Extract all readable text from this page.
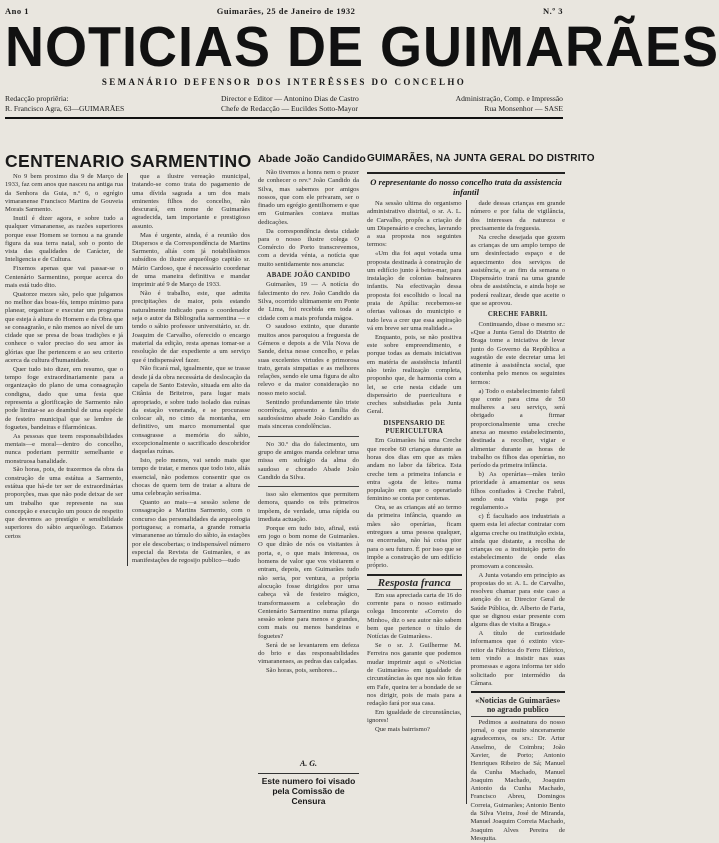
Ano 1	Guimarães, 25 de Janeiro de 1932	N.º 3
NOTICIAS DE GUIMARÃES
SEMANÁRIO DEFENSOR DOS INTERÊSSES DO CONCELHO
Redacção propriêria:
R. Francisco Agra, 63—GUIMARÃES
Director e Editor — Antonino Dias de Castro
Chefe de Redacção — Eucildes Sotto-Mayor
Administração, Comp. e Impressão
Rua Monsenhor — SASE
CENTENARIO SARMENTINO

No 9 bem proximo dia 9 de Março de 1933, faz cem anos que nasceu na antiga rua da Senhora da Guia, n.º 6, o egrégio vimaranense Francisco Martins de Gouveia Morais Sarmento.

Inutil é dizer agora, e sobre tudo a qualquer vimaranense, as razões superiores porque esse Homem se tornou a na grande figura da sua terra natal, sob o ponto de vista das qualidades de Carácter, de Inteligencia e de Cultura.

Fixemos apenas que vai passar-se o Centenário Sarmentino, porque acerca do mais está tudo dito.

Quatorze mezes são, pelo que julgamos no melhor das boas-fés, tempo mínimo para planear, organizar e executar um programa que esteja à altura do Homem e da Obra que se consagrarão, e não menos ao nível de um cidade que se presa de boas tradições e já conhece o valor preciso do seu amor às glórias que lhe pertencem e ao seu criterio acerca da cultura d'humanidade.

Quer tudo isto dizer, em resumo, que o tempo foge extraordinariamente para a organização do plano de uma consagração condigna, dado que uma festa que representa a glorificação de Sarmento não pode limitar-se ao deambul de uma espécie de festeiro municipal que se lembre de foguetes, bandeiras e filarmónicas.

As pessoas que teem responsabilidades mentais—e moral—dentro do concelho, nunca poderiam permitir semelhante e monstruosa banalidade.

São horas, pois, de trazermos da obra da construção de uma estátua a Sarmento, estátua que há-de ter ser de extraordinárias proporções, mas que não pode deixar de ser um trabalho que represente na sua concepção e execução um pouco de respeito que devemos ao prestígio e sensibilidade superiores do sábio arqueólogo. Estamos certos

que a ilustre vereação municipal, tratando-se como trata do pagamento de uma dívida sagrada a um dos mais eminentes filhos do concelho, não descurará, em nome de Guimarães agradecida, tam importante e prestigioso assunto.

Mas é urgente, ainda, é a reunião dos Dispersos e da Correspondência de Martins Sarmento, aliás com já notabilíssimos subsídios do ilustre arqueólogo capitão sr. Mário Cardoso, que é necessário coordenar de uma maneira definitiva e mandar imprimir até 9 de Março de 1933.

Não é trabalho, este, que admita precipitações de maior, pois estando naturalmente indicado para o coordenador seja o autor da Bibliografia sarmentina — e tendo o sábio professor universitário, sr. dr. Joaquim de Carvalho, oferecido o encargo material da edição, resta apenas tomar-se a resolução de dar expediente a um serviço que é indispensável fazer.

Não ficará mal, igualmente, que se trasse desde já da obra necessária de deslocação da capela de Santo Estevão, situada em alto da Citânia de Briteiros, para lugar mais apropriado, e sobre tudo isolado das ruínas da estação veneranda, e se procurasse colocar ali, no cimo da montanha, em definitivo, um marco monumental que consagrasse a memória do sábio, excepcionalmente o sacrificado descobridor daquelas ruínas.

Isto, pelo menos, vai sendo mais que tempo de tratar, e menos que todo isto, aliás essencial, não podemos consentir que os chocas de quem tem de tratar a altura de uma celebração seríssima.

Quanto ao mais—a sessão solene de consagração a Martins Sarmento, com o concurso das personalidades da arqueologia portuguesa; a romaria, a grande romaria vimaranense ao túmulo do sábio, às estações por ele descobertas; o indispensável número especial da Revista de Guimarães, e as manifestações de regosijo publico—tudo

Abade João Candido

Não tivemos a honra nem o prazer de conhecer o rev.º João Candido da Silva, mas sabemos por amigos nossos, que com ele privaram, ser o finado um egrégio gentilhomem e que em Guimarães contava muitas dedicações.

Da correspondência desta cidade para o nosso ilustre colega O Comércio do Porto transcrevemos, com a devida vénia, a notícia que muito sentidamente nos anuncia:

ABADE JOÃO CANDIDO

Guimarães, 19 — A notícia do falecimento do rev. João Candido da Silva, ocorrido ultimamente em Ponte de Lima, foi recebida em toda a cidade com a mais profunda mágoa.

O saudoso extinto, que durante muitos anos paroquiou a freguesia de Gémeos e depois a de Vila Nova de Sande, deixa nesse concelho, e pelas suas excelentes virtudes e primorosa trato, gerais simpatias e as melhores relações, sendo ele uma figura de alto relevo e da maior consideração no nosso meio social.

Sentindo profundamente tão triste ocorrência, apresento a família do saudosíssimo abade João Candido as mais sinceras condolências.

No 30.º dia do falecimento, um grupo de amigos manda celebrar uma missa em sufrágio da alma do saudoso e chorado Abade João Candido da Silva.

isso são elementos que permitem demora, quando os três primeiros impõem, de verdade, uma rápida ou imediata actuação.

Porque em tudo isto, afinal, está em jogo o bom nome de Guimarães. O que dirão de nós os visitantes à porta, e, o que mais interessa, os homens de valor que vos visitarem e entram, depois, em Guimarães tudo não seria, por ventura, a própria alocução fosse dirigidos por uma cabeça vã de festeiro mágico, transformassem a celebração do Centenário Sarmentino numa pilarga sessão solene para menos e grandes, com mais ou menos bandeiras e foguetes?

Será de se levantarem em defeza do brio e das responsabilidades vimaranenses, as pedras das calçadas.

São horas, pois, senhores...

A. G.
Este numero foi visado pela Comissão de Censura
GUIMARÃES, NA JUNTA GERAL DO DISTRITO
O representante do nosso concelho trata da assistencia infantil

Na sessão ultima do organismo administrativo distrital, o sr. A. L. de Carvalho, propôs a criação de um Dispensário e creches, lavrando a sua proposta nos seguintes termos:

«Um dia foi aqui votada uma proposta destinada à construção de um edifício junto à beira-mar, para instalação de colonias balneares infantis. Na efectivação dessa proposta foi escolhido o local na praia de Apúlia: recebemos-se ofertas valiosas do municipio e tudo leva a crer que essa aspiração vá em breve ser uma realidade.»

Enquanto, pois, se não positiva este sobre empreendimento, e porque todas as demais iniciativas em matéria de assistência infantil não terão realização completa, proponho que, de harmonia com a lei, se crie nesta cidade um dispensário de puericultura e creches subsidiadas pela Junta Geral.

DISPENSARIO DE PUERICULTURA

Em Guimarães há uma Creche que recebe 60 crianças durante as horas dos dias em que as mães andam no labor da fábrica. Esta creche tem a primeira infancia e entra «gota de leite» numa população em que o operariado feminino se conta por centenas.

Ora, se as crianças até ao termo da primeira infância, quando as mães são operárias, ficam entregues a uma pessoa qualquer, ou encerradas, não há coisa pior para o seu futuro. É por isso que se impõe a construção de um edifício próprio.

Resposta franca

Em sua apreciada carta de 16 do corrente para o nosso estimado colega Imcorente «Correio do Minho», diz o seu autor não sabem bem que pertence o título de Notícias de Guimarães».

Se o sr. J. Guilherme M. Ferreira nos garante que podemos mudar imprimir aqui o «Noticias de Guimarães» em igualdade de circunstâncias às que nos são feitas em Fafe, queira ter a bondade de se nos dirigir, pois de mais para a redação fará por sua casa.

Em igualdade de circunstâncias, ignores!

Que mais bairrismo?

dade dessas crianças em grande número e por falta de vigilância, dos interesses da natureza e precisamente da freguesia.

Na creche desejada que gozem as crianças de um amplo tempo de um desinfectado espaço e de aquecimento dos serviços de assistência, e ao fim da semana o Dispensário trará na uma grande obra de assistência, e ainda hoje se poderá realizar, desde que aceite o que se aprovou.

CRECHE FABRIL

Continuando, disse o mesmo sr.: «Que a Junta Geral do Distrito de Braga tome a iniciativa de levar junto do Governo da República a sugestão de este decretar uma lei atinente à assistência social, que contenha pelo menos os seguintes termos:

a) Todo o estabelecimento fabril que conte para cima de 50 mulheres a seu serviço, será obrigado a firmar proporcionalmente uma creche anexa ao mesmo estabelecimento, destinada a recolher, vigiar e alimentar durante as horas de trabalho os filhos das operárias, no período da primeira infância.

b) As operárias—mães terão prioridade à amamentar os seus filhos confiados à Creche Fabril, sendo esta visita paga por regulamento.»

c) É facultado aos industriais a quem esta lei afectar contratar com alguma creche ou instituição exista, ainda que distante, a recolha de crianças ou a instituição perto do estabelecimento de onde elas promovam a concessão.

A Junta votando em princípio as propostas do sr. A. L. de Carvalho, resolveu chamar para este caso a atenção do sr. Director Geral de Saúde Pública, dr. Alberto de Faria, que se dignou estar presente com alguns dias de visita a Braga.»

A título de curiosidade informamos que ó extinto vice-reitor da Fábrica do Ferro Elétrico, tem vindo a insistir nas suas promessas e agora informa ter sido solicitado por intermédio da Câmara.

«Noticias de Guimarães» no agrado publico

Pedimos a assinatura do nosso jornal, o que muito sinceramente agradecemos, os srs.: Dr. Artur Anselmo, de Coimbra; João Xavier, de Porto; Antonio Henriques Ribeiro de Sá; Manuel da Cunha Machado, Manuel Joaquim Machado, Joaquim Antonio da Cunha Machado, Francisco Abreu, Domingos Correia, Guimarães; Antonio Bento da Silva Vieira, José de Miranda, Manuel Joaquim Correia Machado, Joaquim Alves Pereira de Mesquita.
